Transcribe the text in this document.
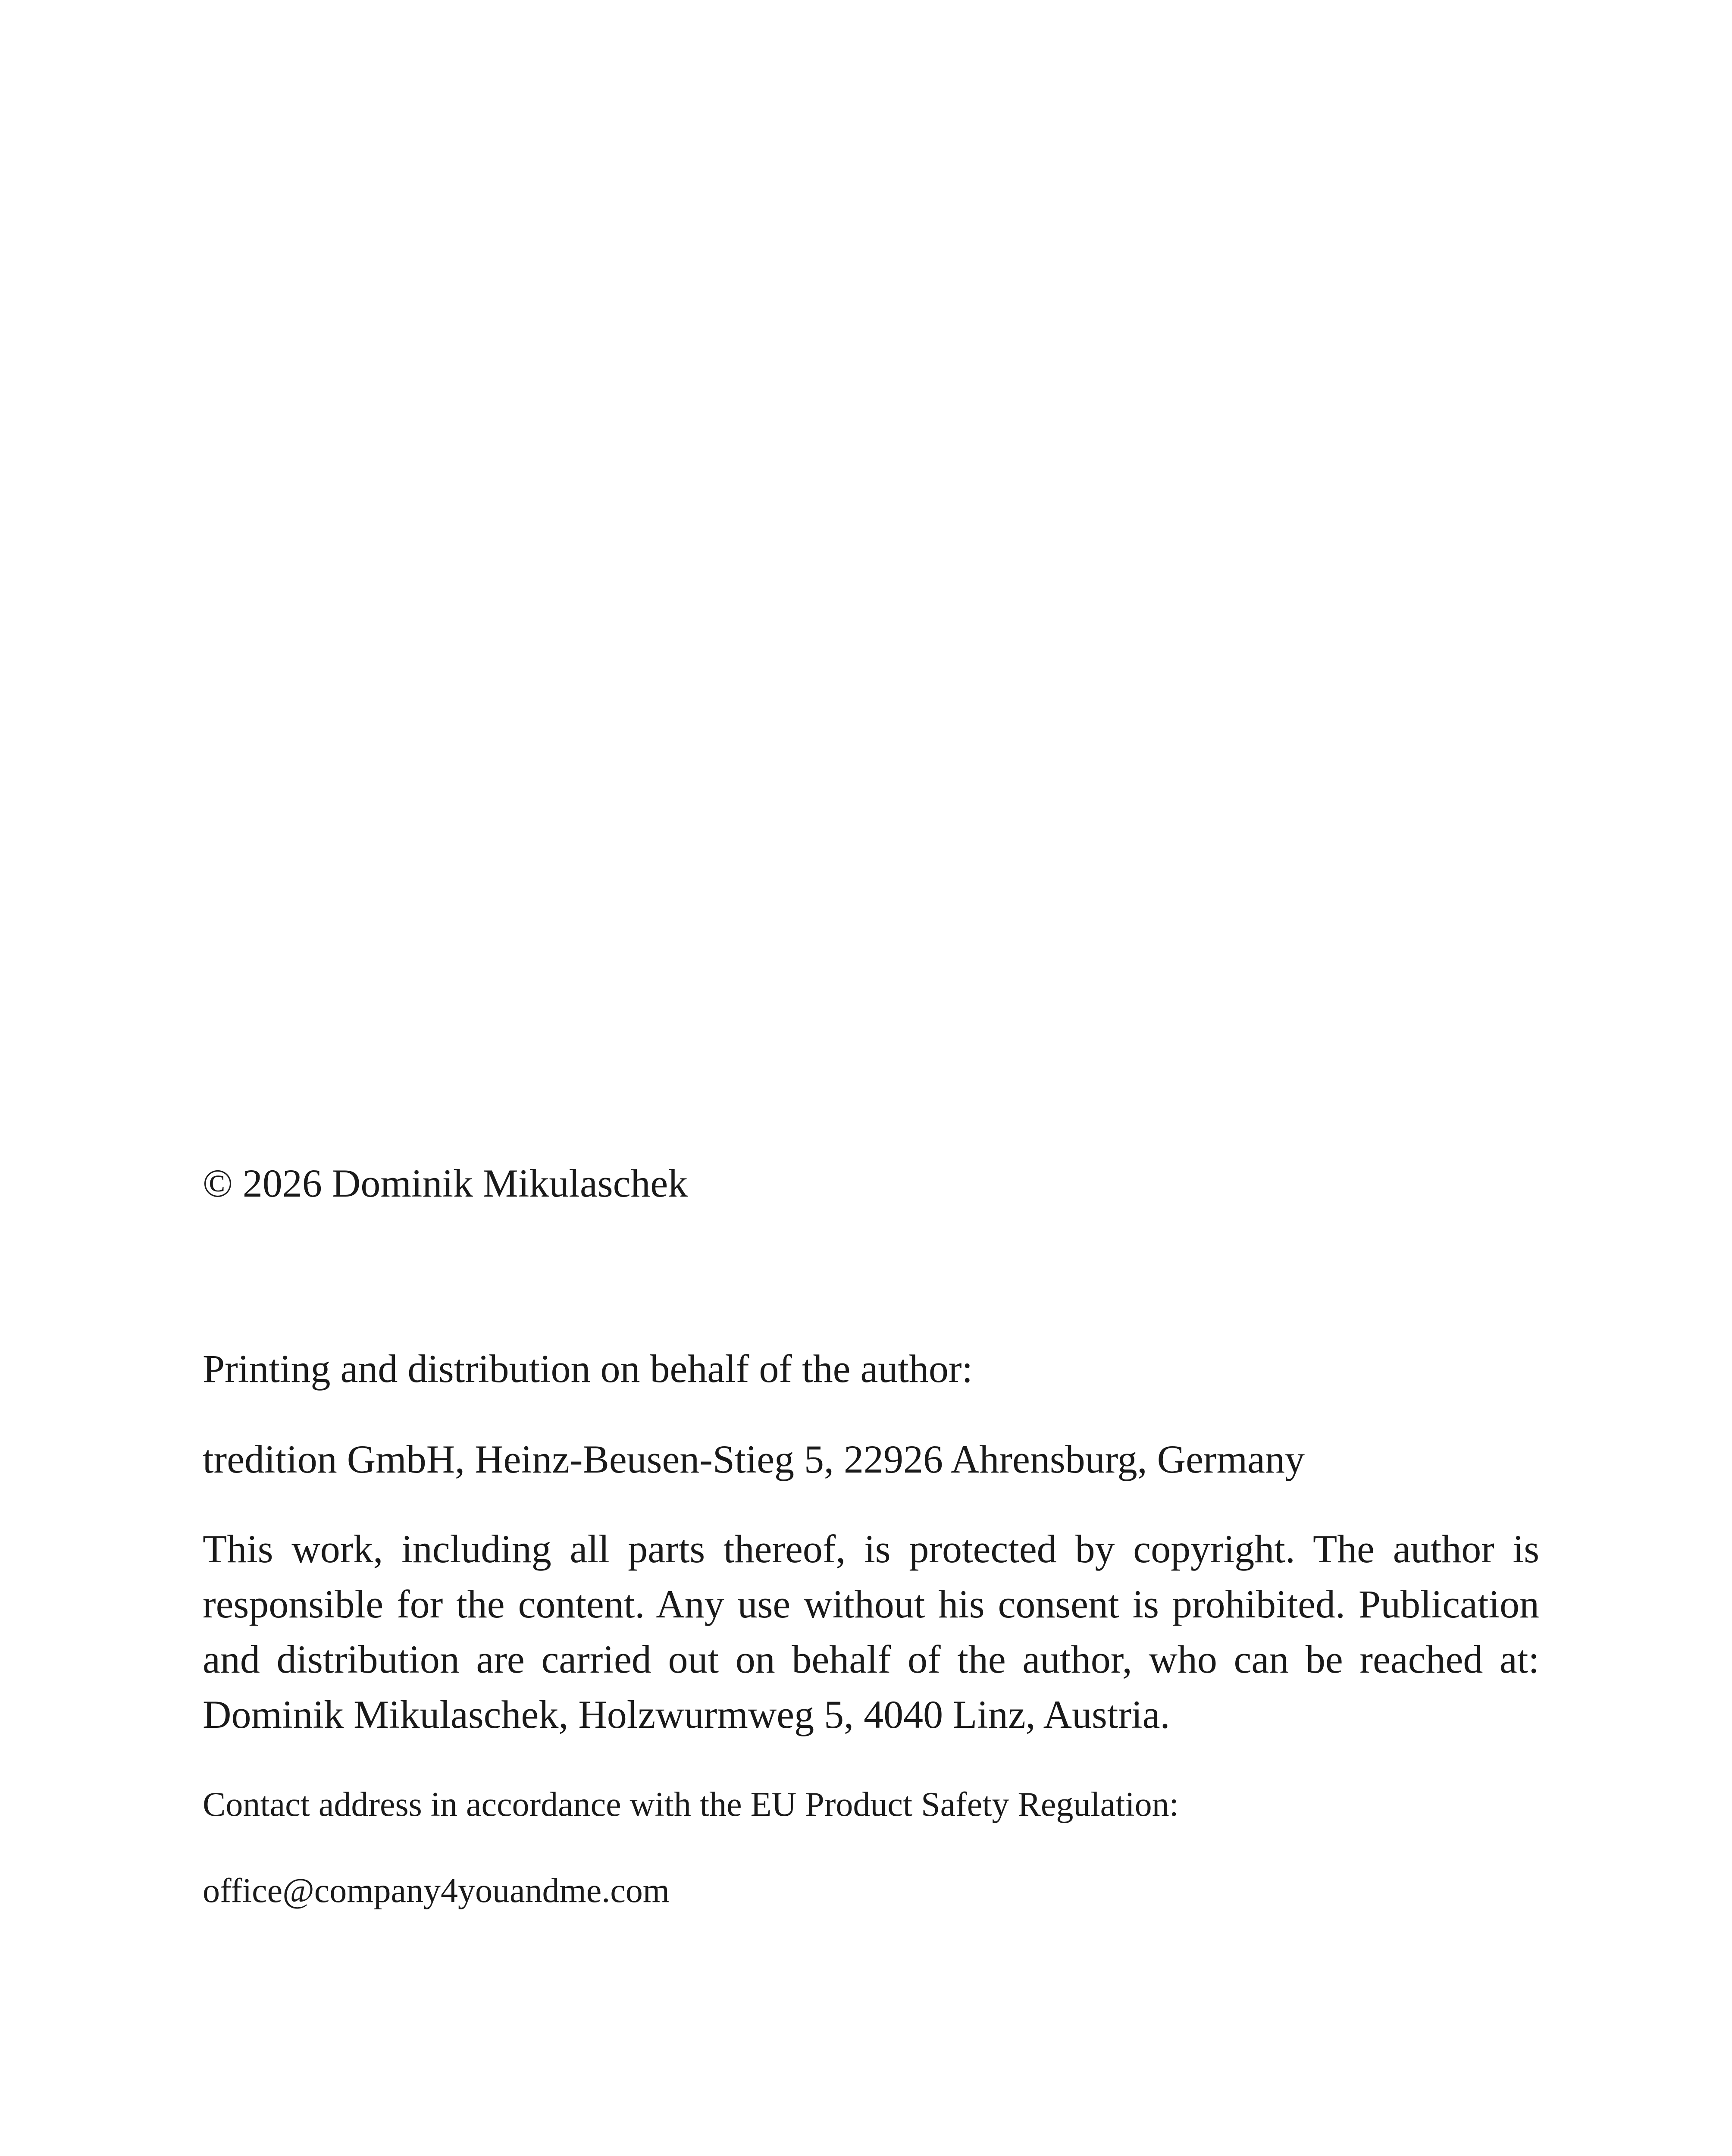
© 2026 Dominik Mikulaschek

Printing and distribution on behalf of the author:

tredition GmbH, Heinz-Beusen-Stieg 5, 22926 Ahrensburg, Germany

This work, including all parts thereof, is protected by copyright. The author is responsible for the content. Any use without his consent is prohibited. Publication and distribution are carried out on behalf of the author, who can be reached at: Dominik Mikulaschek, Holzwurmweg 5, 4040 Linz, Austria.

Contact address in accordance with the EU Product Safety Regulation:

office@company4youandme.com
